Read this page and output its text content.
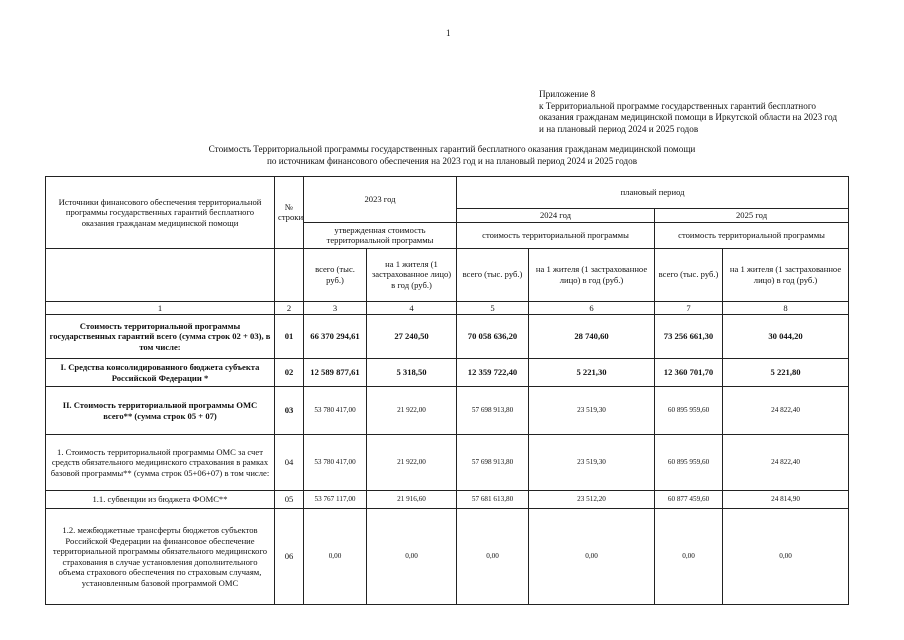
1
Приложение 8
к Территориальной программе государственных гарантий бесплатного
оказания гражданам медицинской помощи в Иркутской области на 2023 год
и на плановый период 2024 и 2025 годов
Стоимость Территориальной программы государственных гарантий бесплатного оказания гражданам медицинской помощи
по источникам финансового обеспечения на 2023 год и на плановый период 2024 и 2025 годов
Источники финансового обеспечения территориальной программы государственных гарантий бесплатного оказания гражданам медицинской помощи	№ строки	2023 год		плановый период			
				2024 год		2025 год	
		утвержденная стоимость территориальной программы		стоимость территориальной программы		стоимость территориальной программы	
		всего (тыс. руб.)	на 1 жителя (1 застрахованное лицо) в год (руб.)	всего (тыс. руб.)	на 1 жителя (1 застрахованное лицо) в год (руб.)	всего (тыс. руб.)	на 1 жителя (1 застрахованное лицо) в год (руб.)
1	2	3	4	5	6	7	8
Стоимость территориальной программы государственных гарантий всего (сумма строк 02 + 03), в том числе:	01	66 370 294,61	27 240,50	70 058 636,20	28 740,60	73 256 661,30	30 044,20
I. Средства консолидированного бюджета субъекта Российской Федерации *	02	12 589 877,61	5 318,50	12 359 722,40	5 221,30	12 360 701,70	5 221,80
II. Стоимость территориальной программы ОМС всего** (сумма строк 05 + 07)	03	53 780 417,00	21 922,00	57 698 913,80	23 519,30	60 895 959,60	24 822,40
1. Стоимость территориальной программы ОМС за счет средств обязательного медицинского страхования в рамках базовой программы** (сумма строк 05+06+07) в том числе:	04	53 780 417,00	21 922,00	57 698 913,80	23 519,30	60 895 959,60	24 822,40
1.1. субвенции из бюджета ФОМС**	05	53 767 117,00	21 916,60	57 681 613,80	23 512,20	60 877 459,60	24 814,90
1.2. межбюджетные трансферты бюджетов субъектов Российской Федерации на финансовое обеспечение территориальной программы обязательного медицинского страхования в случае установления дополнительного объема страхового обеспечения по страховым случаям, установленным базовой программой ОМС	06	0,00	0,00	0,00	0,00	0,00	0,00
